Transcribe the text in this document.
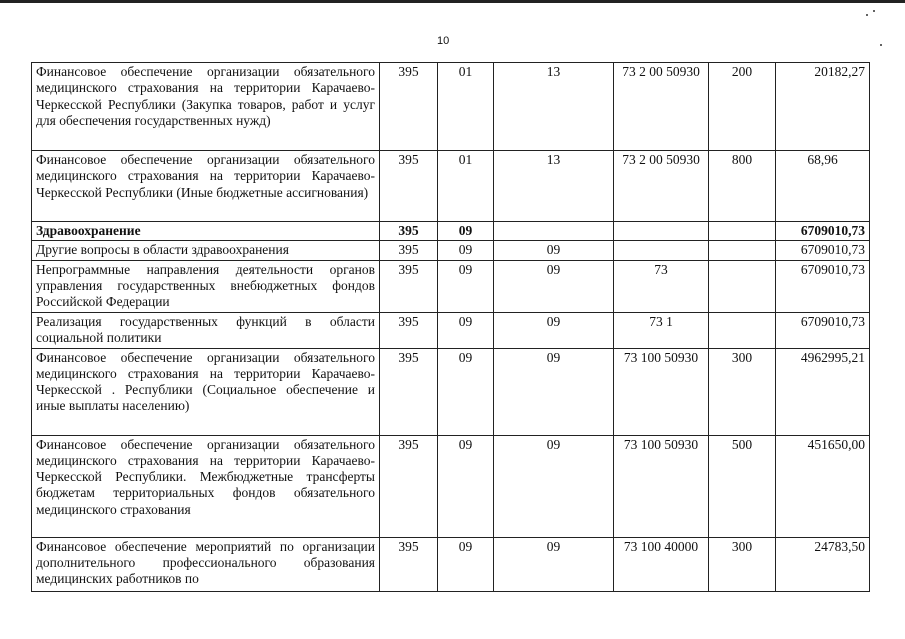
10
Финансовое обеспечение организации обязательного медицинского страхования на территории Карачаево-Черкесской Республики (Закупка товаров, работ и услуг для обеспечения государственных нужд)	395	01	13	73 2 00 50930	200	20182,27
Финансовое обеспечение организации обязательного медицинского страхования на территории Карачаево-Черкесской Республики (Иные бюджетные ассигнования)	395	01	13	73 2 00 50930	800	68,96
Здравоохранение	395	09				6709010,73
Другие вопросы в области здравоохранения	395	09	09			6709010,73
Непрограммные направления деятельности органов управления государственных внебюджетных фондов Российской Федерации	395	09	09	73		6709010,73
Реализация государственных функций в области социальной политики	395	09	09	73 1		6709010,73
Финансовое обеспечение организации обязательного медицинского страхования на территории Карачаево-Черкесской . Республики (Социальное обеспечение и иные выплаты населению)	395	09	09	73 100 50930	300	4962995,21
Финансовое обеспечение организации обязательного медицинского страхования на территории Карачаево-Черкесской Республики. Межбюджетные трансферты бюджетам территориальных фондов обязательного медицинского страхования	395	09	09	73 100 50930	500	451650,00
Финансовое обеспечение мероприятий по организации дополнительного профессионального образования медицинских работников по	395	09	09	73 100 40000	300	24783,50
